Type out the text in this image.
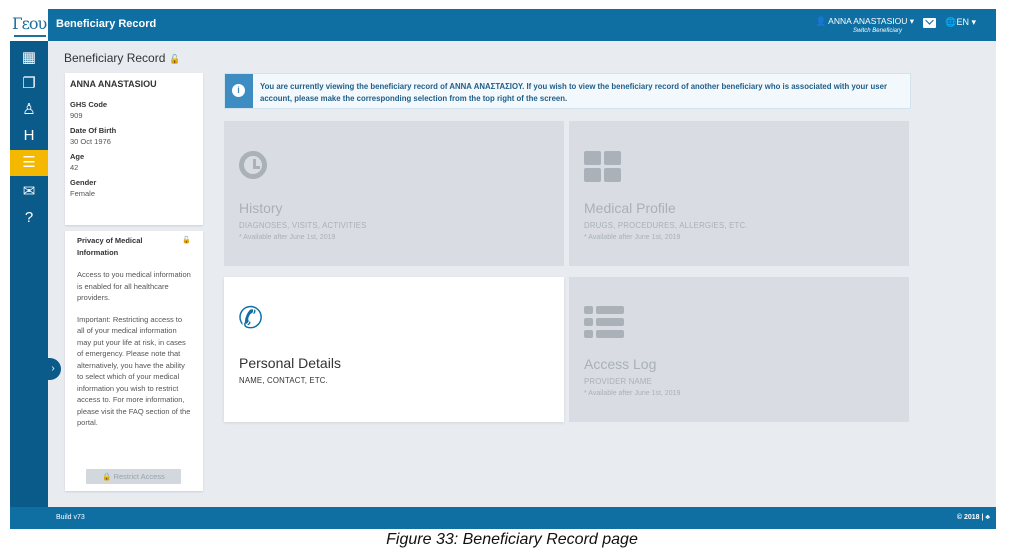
Гεου Beneficiary Record	👤 ANNA ANASTASIOU ▾
Switch Beneficiary
🌐EN ▾
▦
❐
♙
H
☰
✉
?
›
Beneficiary Record 🔓
ANNA ANASTASIOU
GHS Code
909
Date Of Birth
30 Oct 1976
Age
42
Gender
Female
Privacy of Medical Information
🔓

Access to you medical information is enabled for all healthcare providers.

Important: Restricting access to all of your medical information may put your life at risk, in cases of emergency. Please note that alternatively, you have the ability to select which of your medical information you wish to restrict access to. For more information, please visit the FAQ section of the portal.

🔒 Restrict Access
i	You are currently viewing the beneficiary record of ANNA ΑΝΑΣΤΑΣΙΟΥ. If you wish to view the beneficiary record of another beneficiary who is associated with your user account, please make the corresponding selection from the top right of the screen.
History
DIAGNOSES, VISITS, ACTIVITIES
* Available after June 1st, 2019
Medical Profile
DRUGS, PROCEDURES, ALLERGIES, ETC.
* Available after June 1st, 2019
✆
Personal Details
NAME, CONTACT, ETC.
Access Log
PROVIDER NAME
* Available after June 1st, 2019
Build v73	© 2018 | ♣
Figure 33: Beneficiary Record page
